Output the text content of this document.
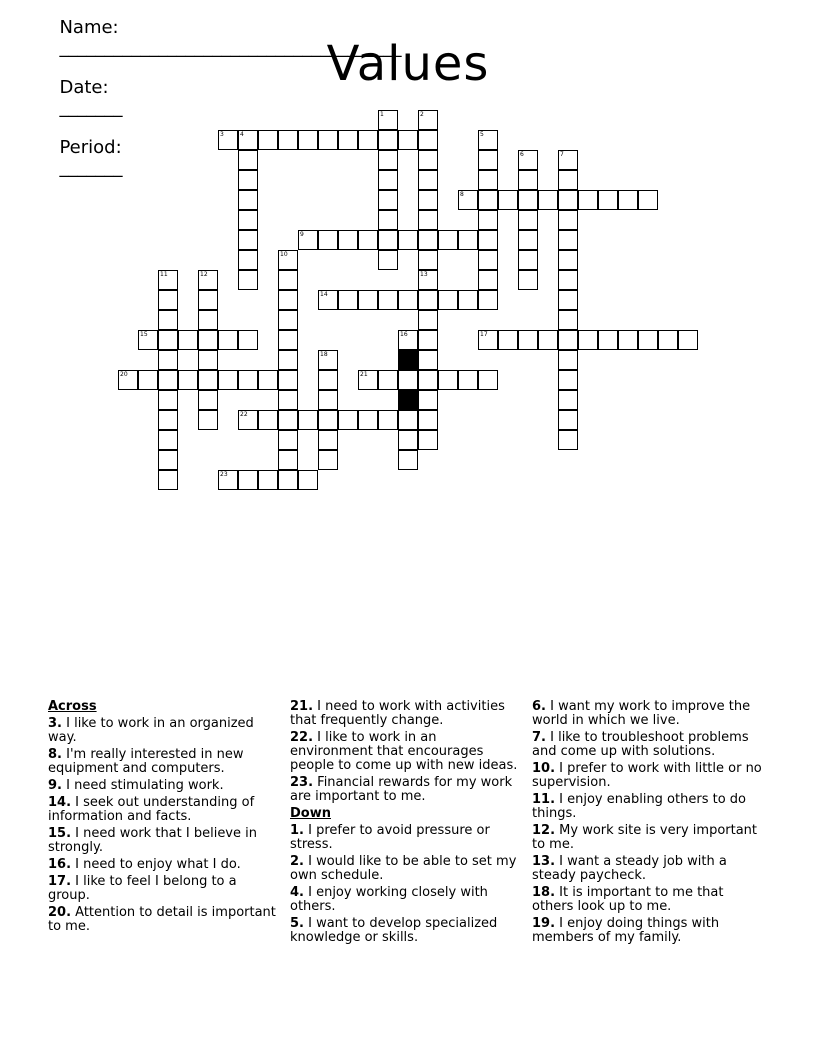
Name:
______________________________________

Date:
_______

Period:
_______

Values
3	4
8
9
14
15	16	17
20	21
22
23
1	2
5
6	7
10
11	12	13
18
Across
3. I like to work in an organized way.
8. I'm really interested in new equipment and computers.
9. I need stimulating work.
14. I seek out understanding of information and facts.
15. I need work that I believe in strongly.
16. I need to enjoy what I do.
17. I like to feel I belong to a group.
20. Attention to detail is important to me.
21. I need to work with activities that frequently change.
22. I like to work in an environment that encourages people to come up with new ideas.
23. Financial rewards for my work are important to me.
Down
1. I prefer to avoid pressure or stress.
2. I would like to be able to set my own schedule.
4. I enjoy working closely with others.
5. I want to develop specialized knowledge or skills.
6. I want my work to improve the world in which we live.
7. I like to troubleshoot problems and come up with solutions.
10. I prefer to work with little or no supervision.
11. I enjoy enabling others to do things.
12. My work site is very important to me.
13. I want a steady job with a steady paycheck.
18. It is important to me that others look up to me.
19. I enjoy doing things with members of my family.
